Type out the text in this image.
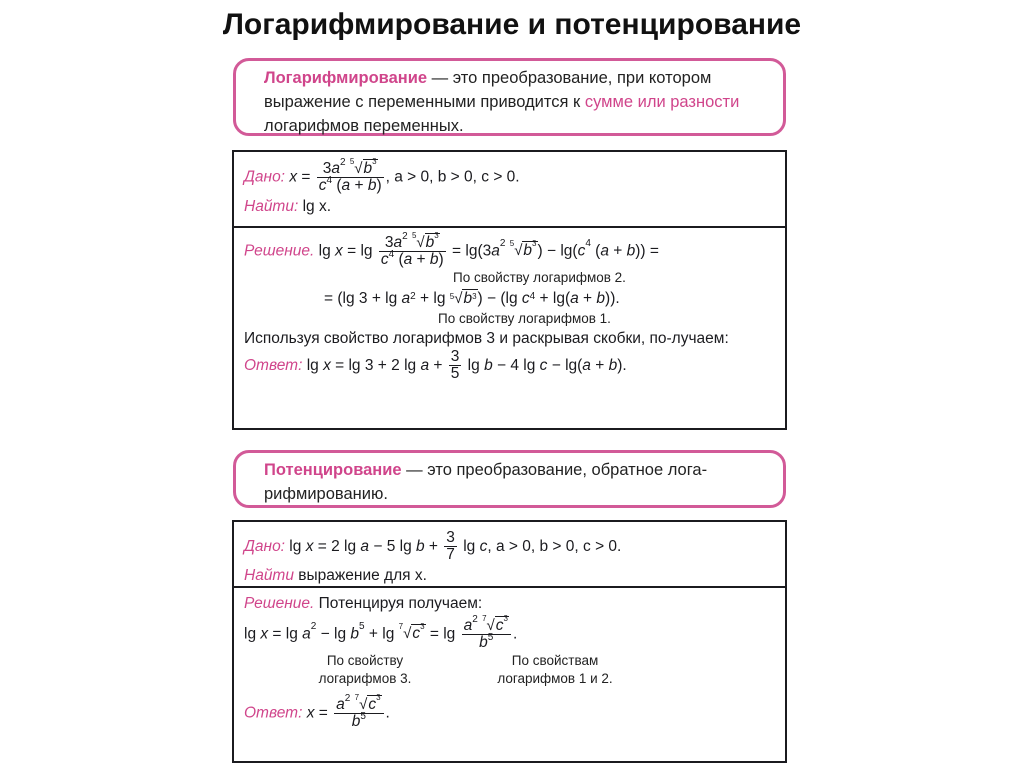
Логарифмирование и потенцирование
Логарифмирование — это преобразование, при котором выражение с переменными приводится к сумме или разности логарифмов переменных.
Дано: $x = \frac{3a^2 ^5√b^3}{c^4 (a + b)}$ , a > 0, b > 0, c > 0.
Найти: lg x.
Решение. $\lg x = \lg \frac{3a^2 ^5√b^3}{c^4 (a + b)} = \lg(3a^2$ $^5√b^3) - \lg(c^4$ (a + b)) =
По свойству логарифмов 2.
= (lg $3 + \lg a^2 + \lg ^5√b^3) - (\lg$ $c^4 + \lg(a + b)$).
По свойству логарифмов 1.
Используя свойство логарифмов 3 и раскрывая скобки, по-лучаем:
Ответ: lg x = lg 3 + 2 $\lg a + \frac{3}{5}$ lg b − 4 lg c − lg(a + b).
Потенцирование — это преобразование, обратное лога-рифмированию.
Дано: lg x = 2 lg a − 5 $\lg b + \frac{3}{7}$ lg c, a > 0, b > 0, c > 0.
Найти выражение для x.
Решение. Потенцируя получаем:
$\lg x = \lg a^2 - \lg b^5 + \lg ^7√c^3 = \lg \frac{a^2 ^7√c^3}{b^5}$ .
По свойству логарифмов 3.
По свойствам логарифмов 1 и 2.
Ответ: $x = \frac{a^2 ^7√c^3}{b^5}$ .
